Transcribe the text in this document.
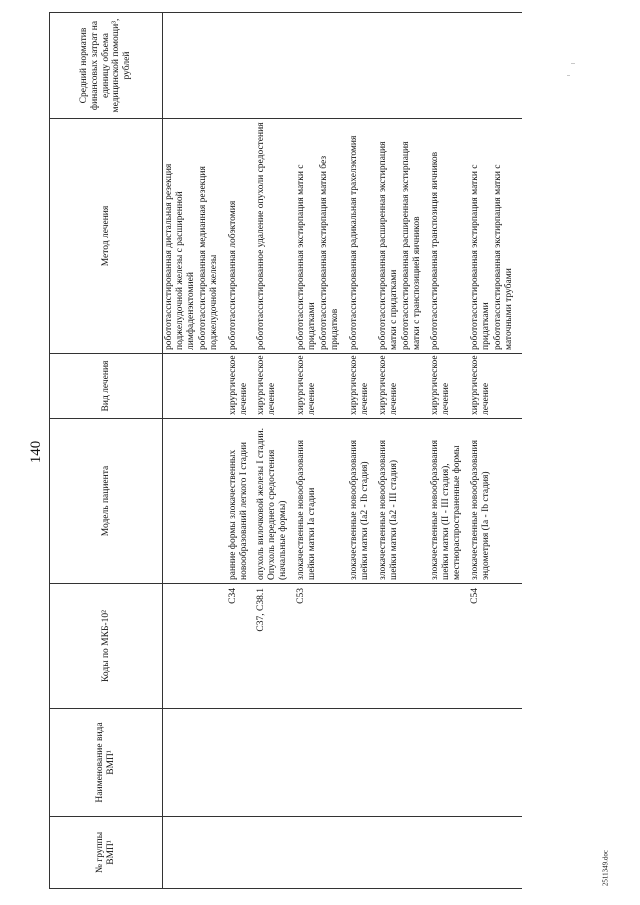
140
2511349.doc
№ группы ВМП¹	Наименование вида ВМП¹	Коды по МКБ-10²	Модель пациента	Вид лечения	Метод лечения	Средний норматив финансовых затрат на единицу объема медицинской помощи³, рублей

					робототассистированная дистальная резекция поджелудочной железы с расширенной лимфаденэктомией робототассистированная медианная резекция поджелудочной железы	

		C34	ранние формы злокачественных новообразований легкого I стадии	хирургическое лечение	робототассистированная лобэктомия	

		C37, C38.1	опухоль вилочковой железы I стадии. Опухоль переднего средостения (начальные формы)	хирургическое лечение	робототассистированное удаление опухоли средостения	

		C53	злокачественные новообразования шейки матки Ia стадии	хирургическое лечение	робототассистированная экстирпация матки с придатками робототассистированная экстирпация матки без придатков	

			злокачественные новообразования шейки матки (Ia2 - Ib стадия)	хирургическое лечение	робототассистированная радикальная трахелэктомия	

			злокачественные новообразования шейки матки (Ia2 - III стадия)	хирургическое лечение	робототассистированная расширенная экстирпация матки с придатками робототассистированная расширенная экстирпация матки с транспозицией яичников	

			злокачественные новообразования шейки матки (II - III стадия), местнораспространенные формы	хирургическое лечение	робототассистированная транспозиция яичников	

		C54	злокачественные новообразования эндометрия (Ia - Ib стадия)	хирургическое лечение	робототассистированная экстирпация матки с придатками робототассистированная экстирпация матки с маточными трубами	
